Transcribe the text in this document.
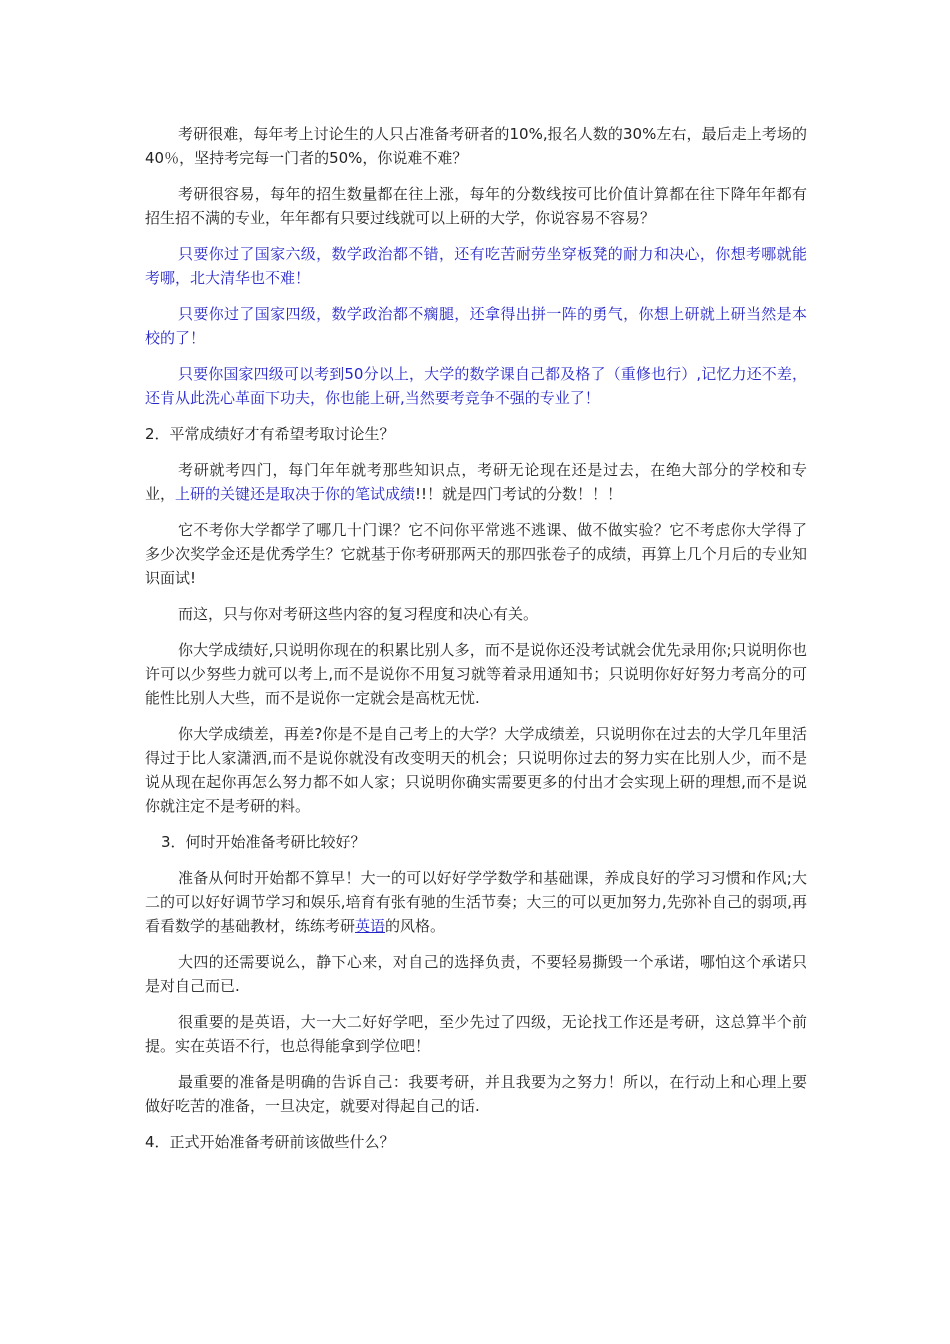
考研很难，每年考上讨论生的人只占准备考研者的10%,报名人数的30%左右，最后走上考场的40％，坚持考完每一门者的50%，你说难不难？

考研很容易，每年的招生数量都在往上涨，每年的分数线按可比价值计算都在往下降年年都有招生招不满的专业，年年都有只要过线就可以上研的大学，你说容易不容易？

只要你过了国家六级，数学政治都不错，还有吃苦耐劳坐穿板凳的耐力和决心，你想考哪就能考哪，北大清华也不难！

只要你过了国家四级，数学政治都不瘸腿，还拿得出拼一阵的勇气，你想上研就上研当然是本校的了！

只要你国家四级可以考到50分以上，大学的数学课自己都及格了（重修也行）,记忆力还不差，还肯从此洗心革面下功夫，你也能上研,当然要考竞争不强的专业了！

2．平常成绩好才有希望考取讨论生？

考研就考四门，每门年年就考那些知识点，考研无论现在还是过去，在绝大部分的学校和专业，上研的关键还是取决于你的笔试成绩!!！就是四门考试的分数！！！

它不考你大学都学了哪几十门课？它不问你平常逃不逃课、做不做实验？它不考虑你大学得了多少次奖学金还是优秀学生？它就基于你考研那两天的那四张卷子的成绩，再算上几个月后的专业知识面试!

而这，只与你对考研这些内容的复习程度和决心有关。

你大学成绩好,只说明你现在的积累比别人多，而不是说你还没考试就会优先录用你;只说明你也许可以少努些力就可以考上,而不是说你不用复习就等着录用通知书；只说明你好好努力考高分的可能性比别人大些，而不是说你一定就会是高枕无忧.

你大学成绩差，再差?你是不是自己考上的大学？大学成绩差，只说明你在过去的大学几年里活得过于比人家潇洒,而不是说你就没有改变明天的机会；只说明你过去的努力实在比别人少，而不是说从现在起你再怎么努力都不如人家；只说明你确实需要更多的付出才会实现上研的理想,而不是说你就注定不是考研的料。

3．何时开始准备考研比较好？

准备从何时开始都不算早！大一的可以好好学学数学和基础课，养成良好的学习习惯和作风;大二的可以好好调节学习和娱乐,培育有张有驰的生活节奏；大三的可以更加努力,先弥补自己的弱项,再看看数学的基础教材，练练考研英语的风格。

大四的还需要说么，静下心来，对自己的选择负责，不要轻易撕毁一个承诺，哪怕这个承诺只是对自己而已.

很重要的是英语，大一大二好好学吧，至少先过了四级，无论找工作还是考研，这总算半个前提。实在英语不行，也总得能拿到学位吧！

最重要的准备是明确的告诉自己：我要考研，并且我要为之努力！所以，在行动上和心理上要做好吃苦的准备，一旦决定，就要对得起自己的话.

4．正式开始准备考研前该做些什么？
